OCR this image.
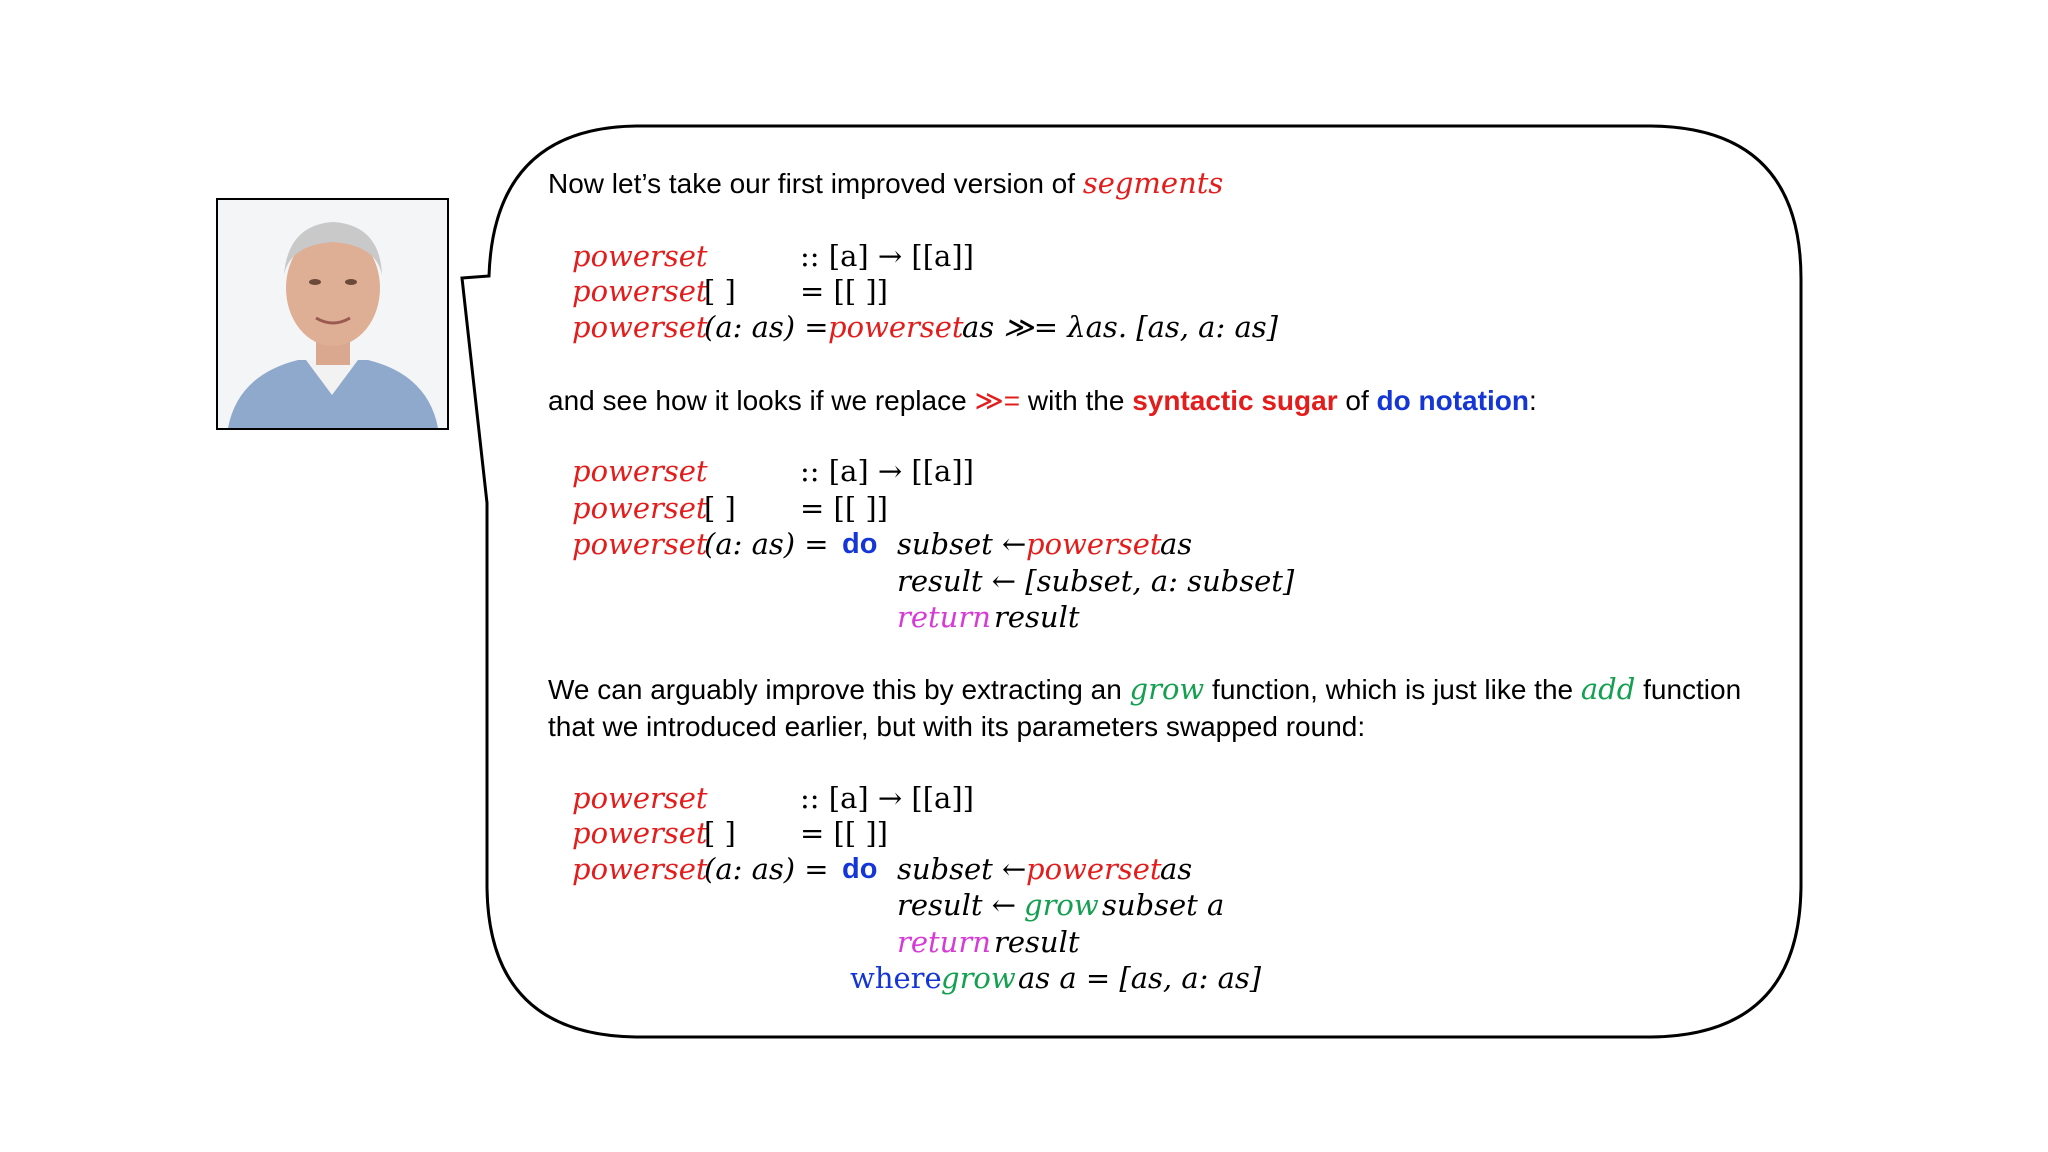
Now let’s take our first improved version of segments
powerset	:: [a] → [[a]]
powerset
[ ] = [[ ]]
powerset
(a: as) = powerset
as ≫= λas. [as, a: as]
and see how it looks if we replace ≫= with the syntactic sugar of do notation:
powerset	:: [a] → [[a]]
powerset
[ ] = [[ ]]
powerset
(a: as) = do subset ← powerset
as
result ← [subset, a: subset]
return result
We can arguably improve this by extracting an grow function, which is just like the add function
that we introduced earlier, but with its parameters swapped round:
powerset	:: [a] → [[a]]
powerset
[ ] = [[ ]]
powerset
(a: as) = do subset ← powerset
as
result ← grow subset a
return result
where grow as a = [as, a: as]
